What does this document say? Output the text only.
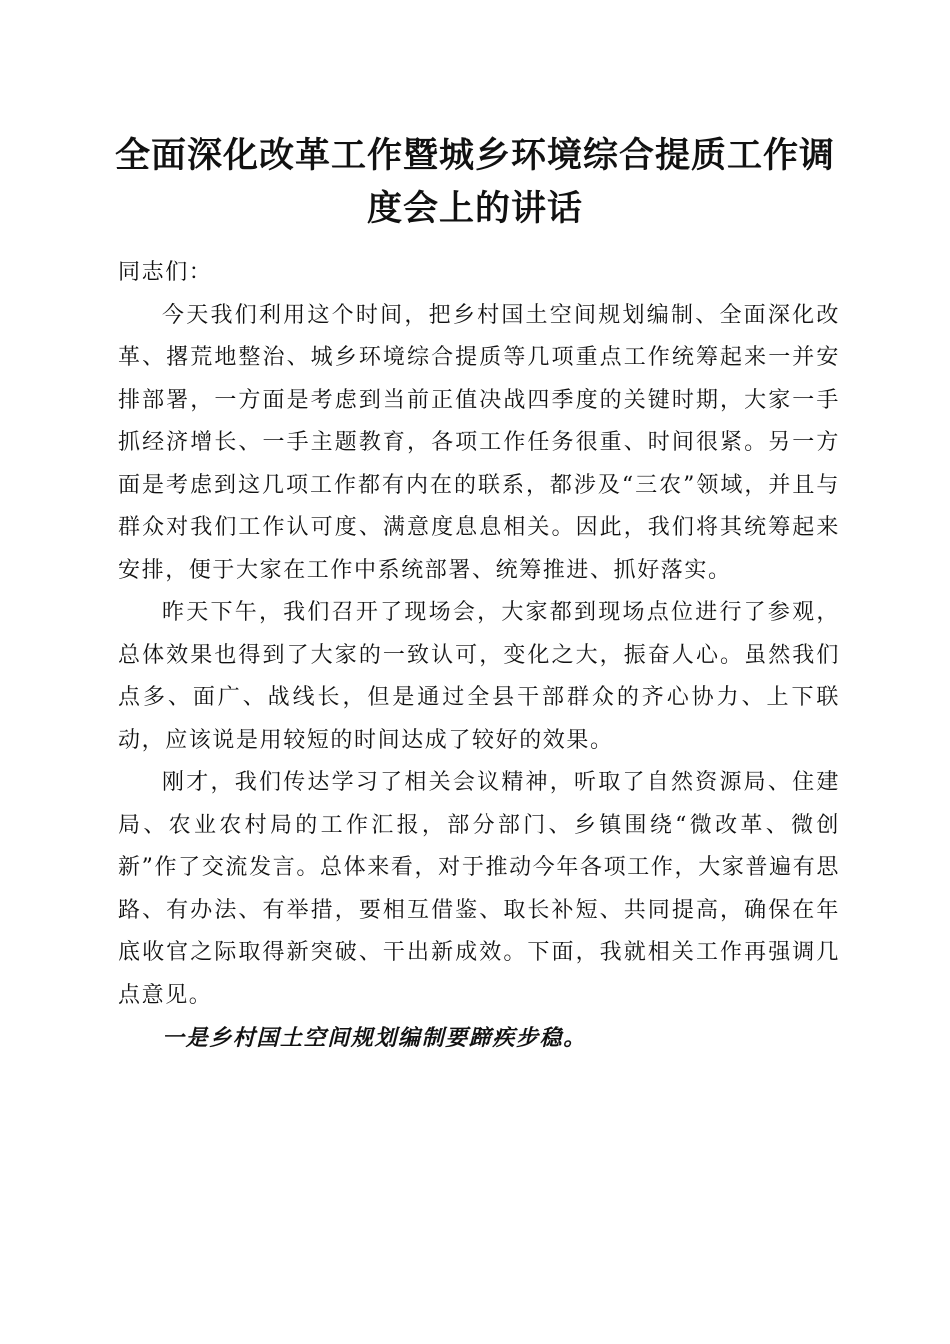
全面深化改革工作暨城乡环境综合提质工作调度会上的讲话

同志们：

今天我们利用这个时间，把乡村国土空间规划编制、全面深化改革、撂荒地整治、城乡环境综合提质等几项重点工作统筹起来一并安排部署，一方面是考虑到当前正值决战四季度的关键时期，大家一手抓经济增长、一手主题教育，各项工作任务很重、时间很紧。另一方面是考虑到这几项工作都有内在的联系，都涉及“三农”领域，并且与群众对我们工作认可度、满意度息息相关。因此，我们将其统筹起来安排，便于大家在工作中系统部署、统筹推进、抓好落实。

昨天下午，我们召开了现场会，大家都到现场点位进行了参观，总体效果也得到了大家的一致认可，变化之大，振奋人心。虽然我们点多、面广、战线长，但是通过全县干部群众的齐心协力、上下联动，应该说是用较短的时间达成了较好的效果。

刚才，我们传达学习了相关会议精神，听取了自然资源局、住建局、农业农村局的工作汇报，部分部门、乡镇围绕“微改革、微创新”作了交流发言。总体来看，对于推动今年各项工作，大家普遍有思路、有办法、有举措，要相互借鉴、取长补短、共同提高，确保在年底收官之际取得新突破、干出新成效。下面，我就相关工作再强调几点意见。

一是乡村国土空间规划编制要蹄疾步稳。
